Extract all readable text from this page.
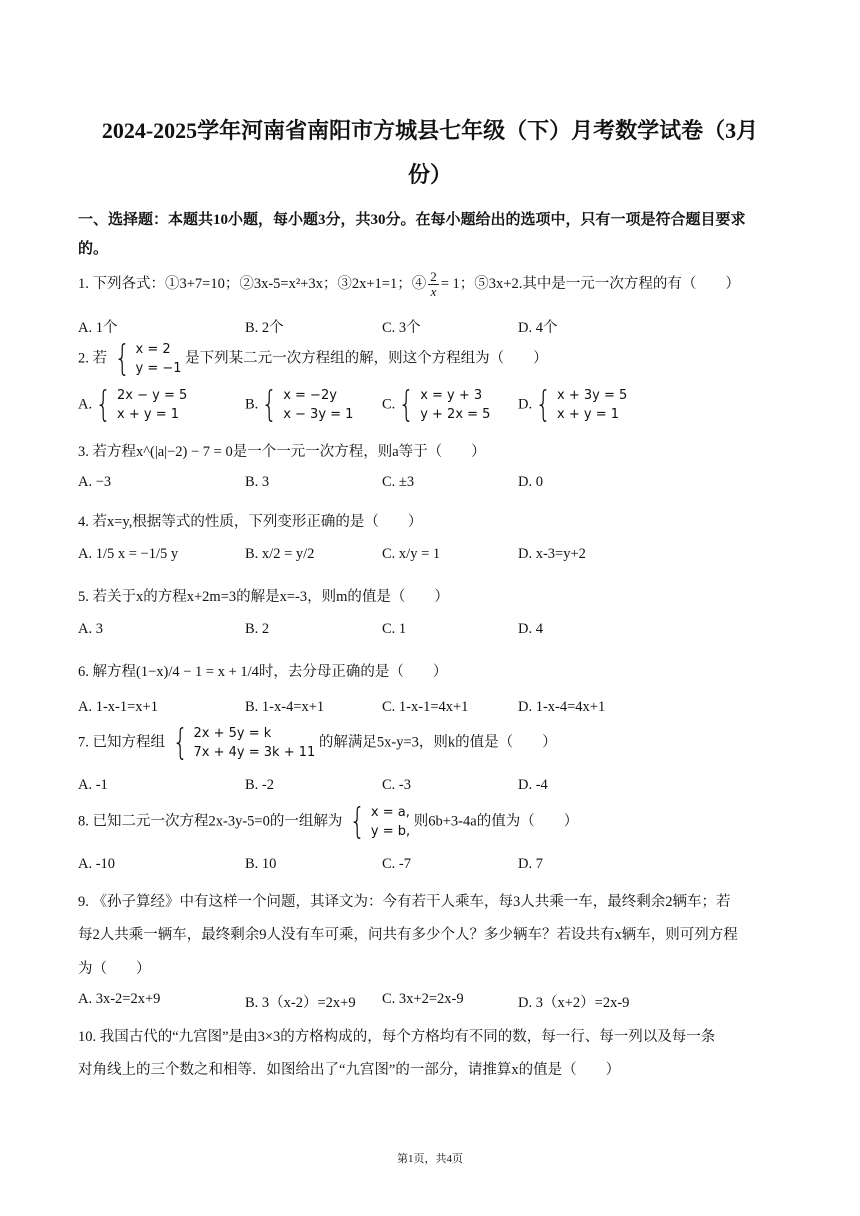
2024-2025学年河南省南阳市方城县七年级（下）月考数学试卷（3月
份）
一、选择题：本题共10小题，每小题3分，共30分。在每小题给出的选项中，只有一项是符合题目要求
的。
1. 下列各式：①3+7=10；②3x-5=x²+3x；③2x+1=1；④ $\frac{2}{x} = 1$；⑤3x+2.其中是一元一次方程的有（　　）
A. 1个	B. 2个	C. 3个	D. 4个
2. 若 { x = 2
y = −1
是下列某二元一次方程组的解，则这个方程组为（　　）
A. { 2x − y = 5
x + y = 1
B. { x = −2y
x − 3y = 1
C. { x = y + 3
y + 2x = 5
D. { x + 3y = 5
x + y = 1
3. 若方程x^(|a|−2) − 7 = 0是一个一元一次方程，则a等于（　　）
A. −3	B. 3	C. ±3	D. 0
4. 若x=y,根据等式的性质，下列变形正确的是（　　）
A. 1/5 x = −1/5 y	B. x/2 = y/2	C. x/y = 1	D. x-3=y+2
5. 若关于x的方程x+2m=3的解是x=-3，则m的值是（　　）
A. 3	B. 2	C. 1	D. 4
6. 解方程(1−x)/4 − 1 = x + 1/4时，去分母正确的是（　　）
A. 1-x-1=x+1	B. 1-x-4=x+1	C. 1-x-1=4x+1	D. 1-x-4=4x+1
7. 已知方程组 { 2x + 5y = k
7x + 4y = 3k + 11
的解满足5x-y=3，则k的值是（　　）
A. -1	B. -2	C. -3	D. -4
8. 已知二元一次方程2x-3y-5=0的一组解为 { x = a,
y = b,
则6b+3-4a的值为（　　）
A. -10	B. 10	C. -7	D. 7
9. 《孙子算经》中有这样一个问题，其译文为：今有若干人乘车，每3人共乘一车，最终剩余2辆车；若
每2人共乘一辆车，最终剩余9人没有车可乘，问共有多少个人？多少辆车？若设共有x辆车，则可列方程
为（　　）
A. 3x-2=2x+9	B. 3（x-2）=2x+9 C. 3x+2=2x-9	D. 3（x+2）=2x-9
10. 我国古代的“九宫图”是由3×3的方格构成的，每个方格均有不同的数，每一行、每一列以及每一条
对角线上的三个数之和相等．如图给出了“九宫图”的一部分，请推算x的值是（　　）
第1页，共4页
